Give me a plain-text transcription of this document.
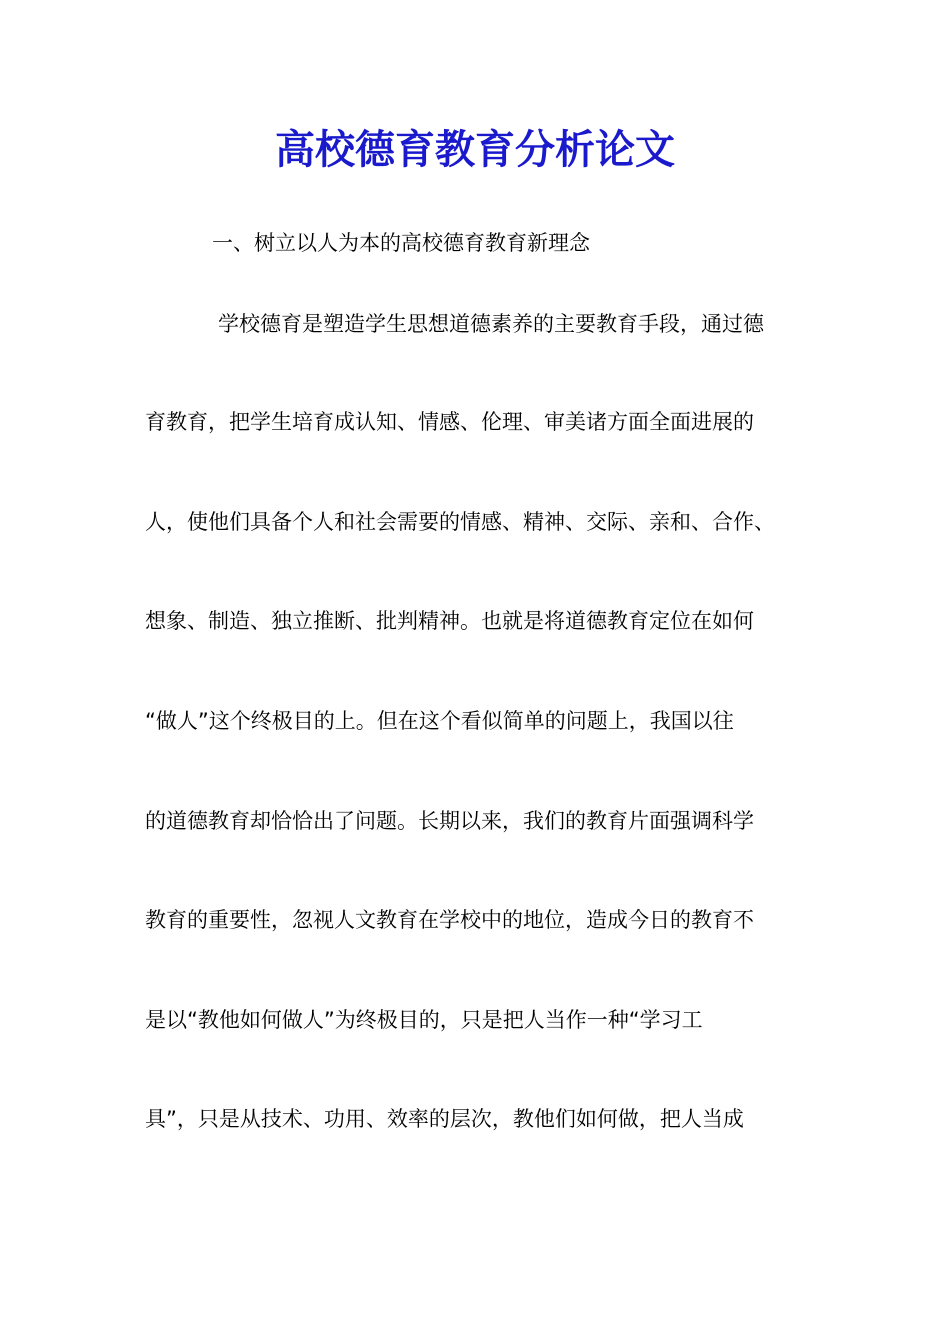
高校德育教育分析论文
一、树立以人为本的高校德育教育新理念
学校德育是塑造学生思想道德素养的主要教育手段，通过德
育教育，把学生培育成认知、情感、伦理、审美诸方面全面进展的
人，使他们具备个人和社会需要的情感、精神、交际、亲和、合作、
想象、制造、独立推断、批判精神。也就是将道德教育定位在如何
“做人”这个终极目的上。但在这个看似简单的问题上，我国以往
的道德教育却恰恰出了问题。长期以来，我们的教育片面强调科学
教育的重要性，忽视人文教育在学校中的地位，造成今日的教育不
是以“教他如何做人”为终极目的，只是把人当作一种“学习工
具”，只是从技术、功用、效率的层次，教他们如何做，把人当成
